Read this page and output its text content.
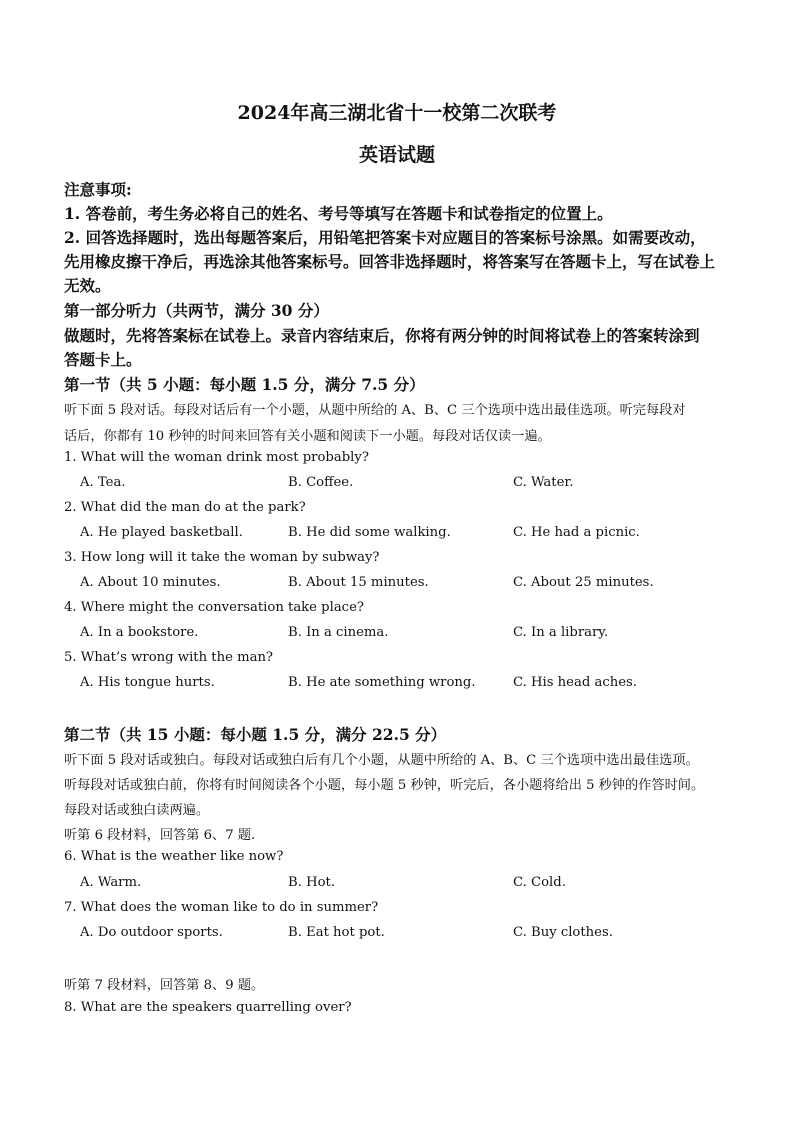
2024年高三湖北省十一校第二次联考
英语试题
注意事项:
1. 答卷前，考生务必将自己的姓名、考号等填写在答题卡和试卷指定的位置上。
2. 回答选择题时，选出每题答案后，用铅笔把答案卡对应题目的答案标号涂黑。如需要改动，
先用橡皮擦干净后，再选涂其他答案标号。回答非选择题时，将答案写在答题卡上，写在试卷上
无效。
第一部分听力（共两节，满分 30 分）
做题时，先将答案标在试卷上。录音内容结束后，你将有两分钟的时间将试卷上的答案转涂到
答题卡上。
第一节（共 5 小题：每小题 1.5 分，满分 7.5 分）
听下面 5 段对话。每段对话后有一个小题，从题中所给的 A、B、C 三个选项中选出最佳选项。听完每段对
话后，你都有 10 秒钟的时间来回答有关小题和阅读下一小题。每段对话仅读一遍。
1. What will the woman drink most probably?
A. Tea.	B. Coffee.	C. Water.
2. What did the man do at the park?
A. He played basketball.	B. He did some walking.	C. He had a picnic.
3. How long will it take the woman by subway?
A. About 10 minutes.	B. About 15 minutes.	C. About 25 minutes.
4. Where might the conversation take place?
A. In a bookstore.	B. In a cinema.	C. In a library.
5. What’s wrong with the man?
A. His tongue hurts.	B. He ate something wrong.	C. His head aches.
第二节（共 15 小题：每小题 1.5 分，满分 22.5 分）
听下面 5 段对话或独白。每段对话或独白后有几个小题，从题中所给的 A、B、C 三个选项中选出最佳选项。
听每段对话或独白前，你将有时间阅读各个小题，每小题 5 秒钟，听完后，各小题将给出 5 秒钟的作答时间。
每段对话或独白读两遍。
听第 6 段材料，回答第 6、7 题.
6. What is the weather like now?
A. Warm.	B. Hot.	C. Cold.
7. What does the woman like to do in summer?
A. Do outdoor sports.	B. Eat hot pot.	C. Buy clothes.
听第 7 段材料，回答第 8、9 题。
8. What are the speakers quarrelling over?
